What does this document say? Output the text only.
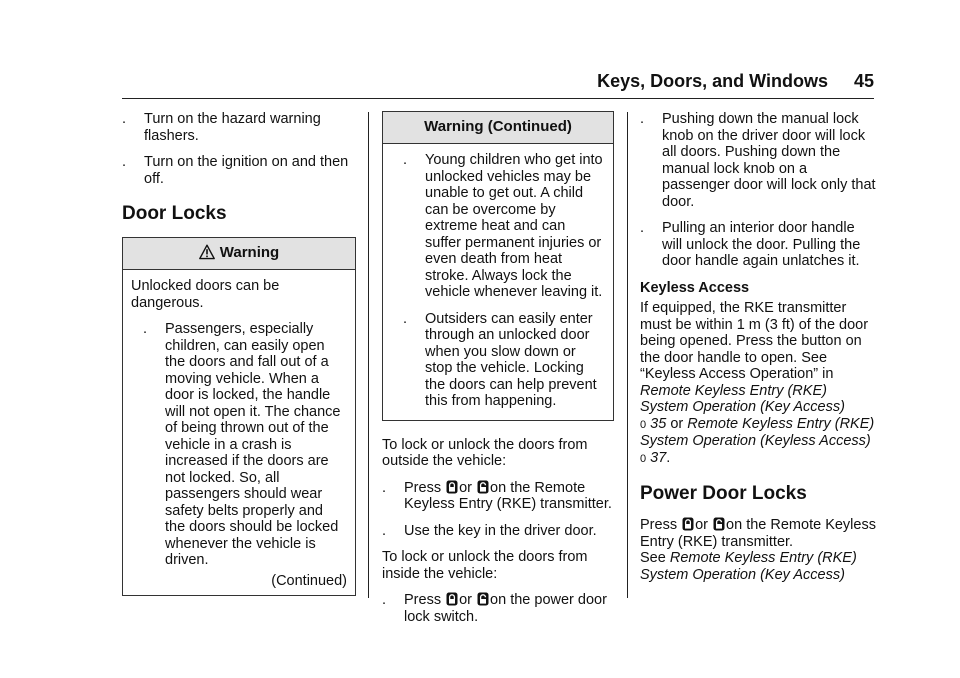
Keys, Doors, and Windows 45
. Turn on the hazard warning flashers.
. Turn on the ignition on and then off.
Door Locks
Warning

Unlocked doors can be dangerous.

. Passengers, especially children, can easily open the doors and fall out of a moving vehicle. When a door is locked, the handle will not open it. The chance of being thrown out of the vehicle in a crash is increased if the doors are not locked. So, all passengers should wear safety belts properly and the doors should be locked whenever the vehicle is driven.

(Continued)

Warning (Continued)
. Young children who get into unlocked vehicles may be unable to get out. A child can be overcome by extreme heat and can suffer permanent injuries or even death from heat stroke. Always lock the vehicle whenever leaving it.
. Outsiders can easily enter through an unlocked door when you slow down or stop the vehicle. Locking the doors can help prevent this from happening.

To lock or unlock the doors from outside the vehicle:

. Press or on the Remote Keyless Entry (RKE) transmitter.
. Use the key in the driver door.

To lock or unlock the doors from inside the vehicle:

. Press or on the power door lock switch.
. Pushing down the manual lock knob on the driver door will lock all doors. Pushing down the manual lock knob on a passenger door will lock only that door.
. Pulling an interior door handle will unlock the door. Pulling the door handle again unlatches it.

Keyless Access

If equipped, the RKE transmitter must be within 1 m (3 ft) of the door being opened. Press the button on the door handle to open. See “Keyless Access Operation” in Remote Keyless Entry (RKE) System Operation (Key Access)
0 35 or Remote Keyless Entry (RKE) System Operation (Keyless Access) 0 37.

Power Door Locks

Press or on the Remote Keyless Entry (RKE) transmitter.
See Remote Keyless Entry (RKE) System Operation (Key Access)
